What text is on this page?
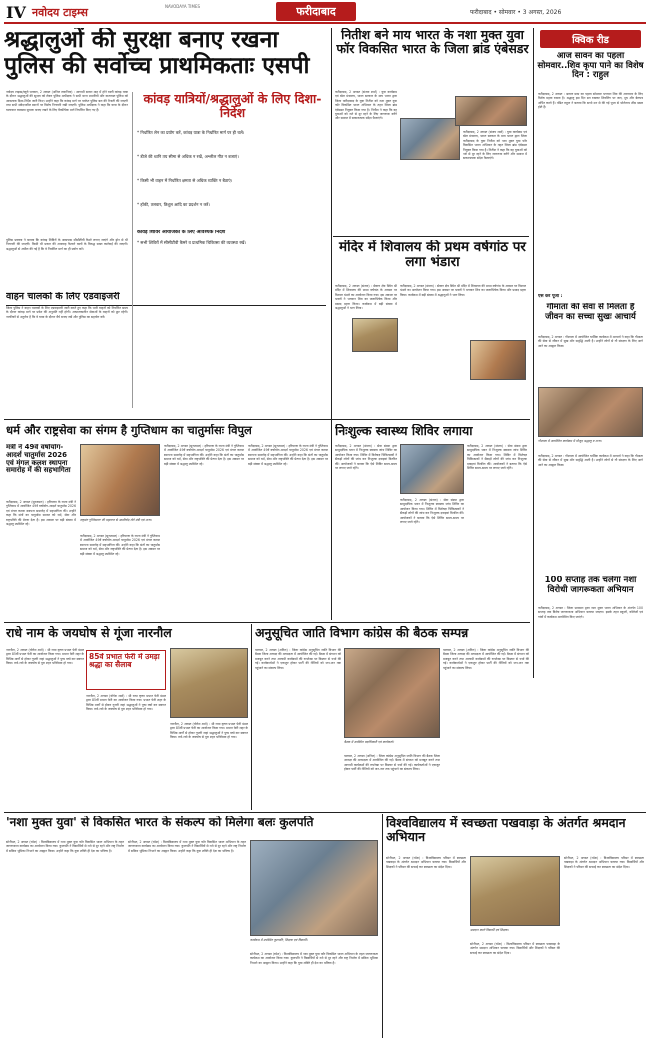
IV नवोदय टाइम्स	NAVODAYA TIMES	फरीदाबाद	फरीदाबाद • सोमवार • 3 अगस्त, 2026
श्रद्धालुओं की सुरक्षा बनाए रखना
पुलिस की सर्वोच्च प्राथमिकताः एसपी
नवोदय टाइम्स/ब्यूरो पलवल, 2 अगस्त (अनिल लवानिया) : आगामी सावन माह में होने वाली कांवड़ यात्रा के दौरान श्रद्धालुओं की सुरक्षा को लेकर पुलिस अधीक्षक ने सभी थाना प्रभारियों और यातायात पुलिस को आवश्यक दिशा-निर्देश जारी किए। उन्होंने कहा कि कांवड़ मार्ग पर पर्याप्त पुलिस बल की तैनाती की जाएगी तथा सभी संवेदनशील स्थानों पर विशेष निगरानी रखी जाएगी। पुलिस अधीक्षक ने कहा कि यात्रा के दौरान यातायात व्यवस्था सुचारू बनाए रखने के लिए वैकल्पिक मार्ग निर्धारित किए गए हैं।
पुलिस प्रवक्ता ने बताया कि कांवड़ शिविरों के आसपास सीसीटीवी कैमरे लगाए जाएंगे और ड्रोन से भी निगरानी की जाएगी। किसी भी प्रकार की अफवाह फैलाने वालों के विरुद्ध सख्त कार्रवाई की जाएगी। श्रद्धालुओं से अपील की गई है कि वे निर्धारित मार्ग का ही प्रयोग करें।
वाहन चालकों के लिए एडवाइजरी
जिला पुलिस ने वाहन चालकों के लिए एडवाइजरी जारी करते हुए कहा कि भारी वाहनों को निर्धारित समय के दौरान कांवड़ मार्ग पर प्रवेश की अनुमति नहीं होगी। आपातकालीन सेवाओं के वाहनों को छूट रहेगी। नागरिकों से अनुरोध है कि वे यात्रा के दौरान धैर्य बनाए रखें और पुलिस का सहयोग करें।
कांवड़ यात्रियों/श्रद्धालुओं के लिए दिशा-निर्देश
* निर्धारित लेन का प्रयोग करें, कांवड़ यात्रा के निर्धारित मार्ग पर ही चलें।
* डीजे की ध्वनि तय सीमा से अधिक न रखें, अश्लील गीत न बजाएं।
* किसी भी वाहन में निर्धारित क्षमता से अधिक व्यक्ति न बैठाएं।
* हॉकी, तलवार, त्रिशूल आदि का प्रदर्शन न करें।
कांवड़ शिविर आयोजकों के लिए आवश्यक निर्देश
* सभी शिविरों में सीसीटीवी कैमरे व प्राथमिक चिकित्सा की व्यवस्था रखें।
नितीश बने माय भारत के नशा मुक्त युवा फॉर विकसित भारत के जिला ब्रांड एंबेसडर
फरीदाबाद, 2 अगस्त (संजय शर्मा) : युवा कार्यक्रम एवं खेल मंत्रालय, भारत सरकार के माय भारत द्वारा जिला फरीदाबाद के युवा नितीश को नशा मुक्त युवा फॉर विकसित भारत अभियान के तहत जिला ब्रांड एंबेसडर नियुक्त किया गया है। नितीश ने कहा कि वह युवाओं को नशे से दूर रहने के लिए जागरूक करेंगे और समाज में सकारात्मक संदेश फैलाएंगे।
फरीदाबाद, 2 अगस्त (संजय शर्मा) : युवा कार्यक्रम एवं खेल मंत्रालय, भारत सरकार के माय भारत द्वारा जिला फरीदाबाद के युवा नितीश को नशा मुक्त युवा फॉर विकसित भारत अभियान के तहत जिला ब्रांड एंबेसडर नियुक्त किया गया है। नितीश ने कहा कि वह युवाओं को नशे से दूर रहने के लिए जागरूक करेंगे और समाज में सकारात्मक संदेश फैलाएंगे।
मंदिर में शिवालय की प्रथम वर्षगांठ पर लगा भंडारा
फरीदाबाद, 2 अगस्त (संजय) : सेक्टर क्षेत्र स्थित श्री मंदिर में शिवालय की प्रथम वर्षगांठ के अवसर पर विशाल भंडारे का आयोजन किया गया। इस अवसर पर भक्तों ने भगवान शिव का जलाभिषेक किया और प्रसाद ग्रहण किया। कार्यक्रम में बड़ी संख्या में श्रद्धालुओं ने भाग लिया।
फरीदाबाद, 2 अगस्त (संजय) : सेक्टर क्षेत्र स्थित श्री मंदिर में शिवालय की प्रथम वर्षगांठ के अवसर पर विशाल भंडारे का आयोजन किया गया। इस अवसर पर भक्तों ने भगवान शिव का जलाभिषेक किया और प्रसाद ग्रहण किया। कार्यक्रम में बड़ी संख्या में श्रद्धालुओं ने भाग लिया।
क्विक रीड
आज सावन का पहला सोमवार..शिव कृपा पाने का विशेष दिन : राहुल
फरीदाबाद, 2 अगस्त : श्रावण मास का पहला सोमवार भगवान शिव की आराधना के लिए विशेष महत्व रखता है। श्रद्धालु इस दिन व्रत रखकर शिवलिंग पर जल, दूध और बेलपत्र अर्पित करते हैं। पंडित राहुल ने बताया कि सच्चे मन से की गई पूजा से भोलेनाथ शीघ्र प्रसन्न होते हैं।
ऐसे करें पूजा :
गौमाता की सेवा से मिलता है जीवन का सच्चा सुखः आचार्य
फरीदाबाद, 2 अगस्त : गौशाला में आयोजित धार्मिक कार्यक्रम में आचार्य ने कहा कि गौमाता की सेवा से जीवन में सुख और समृद्धि आती है। उन्होंने लोगों से गौ संरक्षण के लिए आगे आने का आह्वान किया।
गौशाला में आयोजित कार्यक्रम में मौजूद श्रद्धालु व अन्य।
फरीदाबाद, 2 अगस्त : गौशाला में आयोजित धार्मिक कार्यक्रम में आचार्य ने कहा कि गौमाता की सेवा से जीवन में सुख और समृद्धि आती है। उन्होंने लोगों से गौ संरक्षण के लिए आगे आने का आह्वान किया।
100 सप्ताह तक चलेगा नशा विरोधी जागरूकता अभियान
फरीदाबाद, 2 अगस्त : जिला प्रशासन द्वारा नशा मुक्त भारत अभियान के अंतर्गत 100 सप्ताह तक विशेष जागरूकता अभियान चलाया जाएगा। इसके तहत स्कूलों, कॉलेजों एवं गांवों में कार्यक्रम आयोजित किए जाएंगे।
धर्म और राष्ट्रसेवा का संगम है गुप्तिधाम का चातुर्मासः विपुल
मंत्री ने 49वें वर्षायोग-आदर्श चातुर्मास 2026 एवं मंगल कलश स्थापना समारोह में की सहभागिता
फरीदाबाद, 2 अगस्त (सुरजमल) : हरियाणा के राज्य मंत्री ने गुप्तिधाम में आयोजित 49वें वर्षायोग-आदर्श चातुर्मास 2026 एवं मंगल कलश स्थापना समारोह में सहभागिता की। उन्होंने कहा कि संतों का चातुर्मास समाज को धर्म, सेवा और राष्ट्रभक्ति की प्रेरणा देता है। इस अवसर पर बड़ी संख्या में श्रद्धालु उपस्थित रहे।
राष्ट्रसंत गुप्तिसागर जी महाराज से आशीर्वाद लेते मंत्री एवं अन्य।
फरीदाबाद, 2 अगस्त (सुरजमल) : हरियाणा के राज्य मंत्री ने गुप्तिधाम में आयोजित 49वें वर्षायोग-आदर्श चातुर्मास 2026 एवं मंगल कलश स्थापना समारोह में सहभागिता की। उन्होंने कहा कि संतों का चातुर्मास समाज को धर्म, सेवा और राष्ट्रभक्ति की प्रेरणा देता है। इस अवसर पर बड़ी संख्या में श्रद्धालु उपस्थित रहे।
फरीदाबाद, 2 अगस्त (सुरजमल) : हरियाणा के राज्य मंत्री ने गुप्तिधाम में आयोजित 49वें वर्षायोग-आदर्श चातुर्मास 2026 एवं मंगल कलश स्थापना समारोह में सहभागिता की। उन्होंने कहा कि संतों का चातुर्मास समाज को धर्म, सेवा और राष्ट्रभक्ति की प्रेरणा देता है। इस अवसर पर बड़ी संख्या में श्रद्धालु उपस्थित रहे।
फरीदाबाद, 2 अगस्त (सुरजमल) : हरियाणा के राज्य मंत्री ने गुप्तिधाम में आयोजित 49वें वर्षायोग-आदर्श चातुर्मास 2026 एवं मंगल कलश स्थापना समारोह में सहभागिता की। उन्होंने कहा कि संतों का चातुर्मास समाज को धर्म, सेवा और राष्ट्रभक्ति की प्रेरणा देता है। इस अवसर पर बड़ी संख्या में श्रद्धालु उपस्थित रहे।
निःशुल्क स्वास्थ्य शिविर लगाया
फरीदाबाद, 2 अगस्त (संजय) : सेवा संस्था द्वारा सामुदायिक भवन में निःशुल्क स्वास्थ्य जांच शिविर का आयोजन किया गया। शिविर में विशेषज्ञ चिकित्सकों ने सैकड़ों लोगों की जांच कर निःशुल्क दवाइयां वितरित कीं। आयोजकों ने बताया कि ऐसे शिविर समय-समय पर लगाए जाते रहेंगे।
फरीदाबाद, 2 अगस्त (संजय) : सेवा संस्था द्वारा सामुदायिक भवन में निःशुल्क स्वास्थ्य जांच शिविर का आयोजन किया गया। शिविर में विशेषज्ञ चिकित्सकों ने सैकड़ों लोगों की जांच कर निःशुल्क दवाइयां वितरित कीं। आयोजकों ने बताया कि ऐसे शिविर समय-समय पर लगाए जाते रहेंगे।
फरीदाबाद, 2 अगस्त (संजय) : सेवा संस्था द्वारा सामुदायिक भवन में निःशुल्क स्वास्थ्य जांच शिविर का आयोजन किया गया। शिविर में विशेषज्ञ चिकित्सकों ने सैकड़ों लोगों की जांच कर निःशुल्क दवाइयां वितरित कीं। आयोजकों ने बताया कि ऐसे शिविर समय-समय पर लगाए जाते रहेंगे।
राधे नाम के जयघोष से गूंजा नारनौल
नारनौल, 2 अगस्त (योगेश शर्मा) : श्री राधा कृष्ण प्रभात फेरी मंडल द्वारा 85वीं प्रभात फेरी का आयोजन किया गया। प्रभात फेरी शहर के विभिन्न मार्गों से होकर गुजरी जहां श्रद्धालुओं ने पुष्प वर्षा कर स्वागत किया। राधे-राधे के जयघोष से पूरा शहर भक्तिमय हो गया।
85वें प्रभात फेरी में उमड़ा श्रद्धा का सैलाब
नारनौल, 2 अगस्त (योगेश शर्मा) : श्री राधा कृष्ण प्रभात फेरी मंडल द्वारा 85वीं प्रभात फेरी का आयोजन किया गया। प्रभात फेरी शहर के विभिन्न मार्गों से होकर गुजरी जहां श्रद्धालुओं ने पुष्प वर्षा कर स्वागत किया। राधे-राधे के जयघोष से पूरा शहर भक्तिमय हो गया।
नारनौल, 2 अगस्त (योगेश शर्मा) : श्री राधा कृष्ण प्रभात फेरी मंडल द्वारा 85वीं प्रभात फेरी का आयोजन किया गया। प्रभात फेरी शहर के विभिन्न मार्गों से होकर गुजरी जहां श्रद्धालुओं ने पुष्प वर्षा कर स्वागत किया। राधे-राधे के जयघोष से पूरा शहर भक्तिमय हो गया।
अनुसूचित जाति विभाग कांग्रेस की बैठक सम्पन्न
पलवल, 2 अगस्त (अनिल) : जिला कांग्रेस अनुसूचित जाति विभाग की बैठक जिला अध्यक्ष की अध्यक्षता में आयोजित की गई। बैठक में संगठन को मजबूत करने तथा आगामी कार्यक्रमों की रूपरेखा पर विस्तार से चर्चा की गई। कार्यकर्ताओं ने एकजुट होकर पार्टी की नीतियों को जन-जन तक पहुंचाने का संकल्प लिया।
बैठक में उपस्थित पदाधिकारी एवं कार्यकर्ता।
पलवल, 2 अगस्त (अनिल) : जिला कांग्रेस अनुसूचित जाति विभाग की बैठक जिला अध्यक्ष की अध्यक्षता में आयोजित की गई। बैठक में संगठन को मजबूत करने तथा आगामी कार्यक्रमों की रूपरेखा पर विस्तार से चर्चा की गई। कार्यकर्ताओं ने एकजुट होकर पार्टी की नीतियों को जन-जन तक पहुंचाने का संकल्प लिया।
पलवल, 2 अगस्त (अनिल) : जिला कांग्रेस अनुसूचित जाति विभाग की बैठक जिला अध्यक्ष की अध्यक्षता में आयोजित की गई। बैठक में संगठन को मजबूत करने तथा आगामी कार्यक्रमों की रूपरेखा पर विस्तार से चर्चा की गई। कार्यकर्ताओं ने एकजुट होकर पार्टी की नीतियों को जन-जन तक पहुंचाने का संकल्प लिया।
'नशा मुक्त युवा' से विकसित भारत के संकल्प को मिलेगा बलः कुलपति
सोनीपत, 2 अगस्त (रमेश) : विश्वविद्यालय में नशा मुक्त युवा फॉर विकसित भारत अभियान के तहत जागरूकता कार्यक्रम का आयोजन किया गया। कुलपति ने विद्यार्थियों से नशे से दूर रहने और राष्ट्र निर्माण में सक्रिय भूमिका निभाने का आह्वान किया। उन्होंने कहा कि युवा शक्ति ही देश का भविष्य है।
सोनीपत, 2 अगस्त (रमेश) : विश्वविद्यालय में नशा मुक्त युवा फॉर विकसित भारत अभियान के तहत जागरूकता कार्यक्रम का आयोजन किया गया। कुलपति ने विद्यार्थियों से नशे से दूर रहने और राष्ट्र निर्माण में सक्रिय भूमिका निभाने का आह्वान किया। उन्होंने कहा कि युवा शक्ति ही देश का भविष्य है।
कार्यक्रम में उपस्थित कुलपति, शिक्षक एवं विद्यार्थी।
सोनीपत, 2 अगस्त (रमेश) : विश्वविद्यालय में नशा मुक्त युवा फॉर विकसित भारत अभियान के तहत जागरूकता कार्यक्रम का आयोजन किया गया। कुलपति ने विद्यार्थियों से नशे से दूर रहने और राष्ट्र निर्माण में सक्रिय भूमिका निभाने का आह्वान किया। उन्होंने कहा कि युवा शक्ति ही देश का भविष्य है।
विश्वविद्यालय में स्वच्छता पखवाड़ा के अंतर्गत श्रमदान अभियान
सोनीपत, 2 अगस्त (रमेश) : विश्वविद्यालय परिसर में स्वच्छता पखवाड़ा के अंतर्गत श्रमदान अभियान चलाया गया। विद्यार्थियों और शिक्षकों ने परिसर की सफाई कर स्वच्छता का संदेश दिया।
श्रमदान करते विद्यार्थी एवं शिक्षक।
सोनीपत, 2 अगस्त (रमेश) : विश्वविद्यालय परिसर में स्वच्छता पखवाड़ा के अंतर्गत श्रमदान अभियान चलाया गया। विद्यार्थियों और शिक्षकों ने परिसर की सफाई कर स्वच्छता का संदेश दिया।
सोनीपत, 2 अगस्त (रमेश) : विश्वविद्यालय परिसर में स्वच्छता पखवाड़ा के अंतर्गत श्रमदान अभियान चलाया गया। विद्यार्थियों और शिक्षकों ने परिसर की सफाई कर स्वच्छता का संदेश दिया।
